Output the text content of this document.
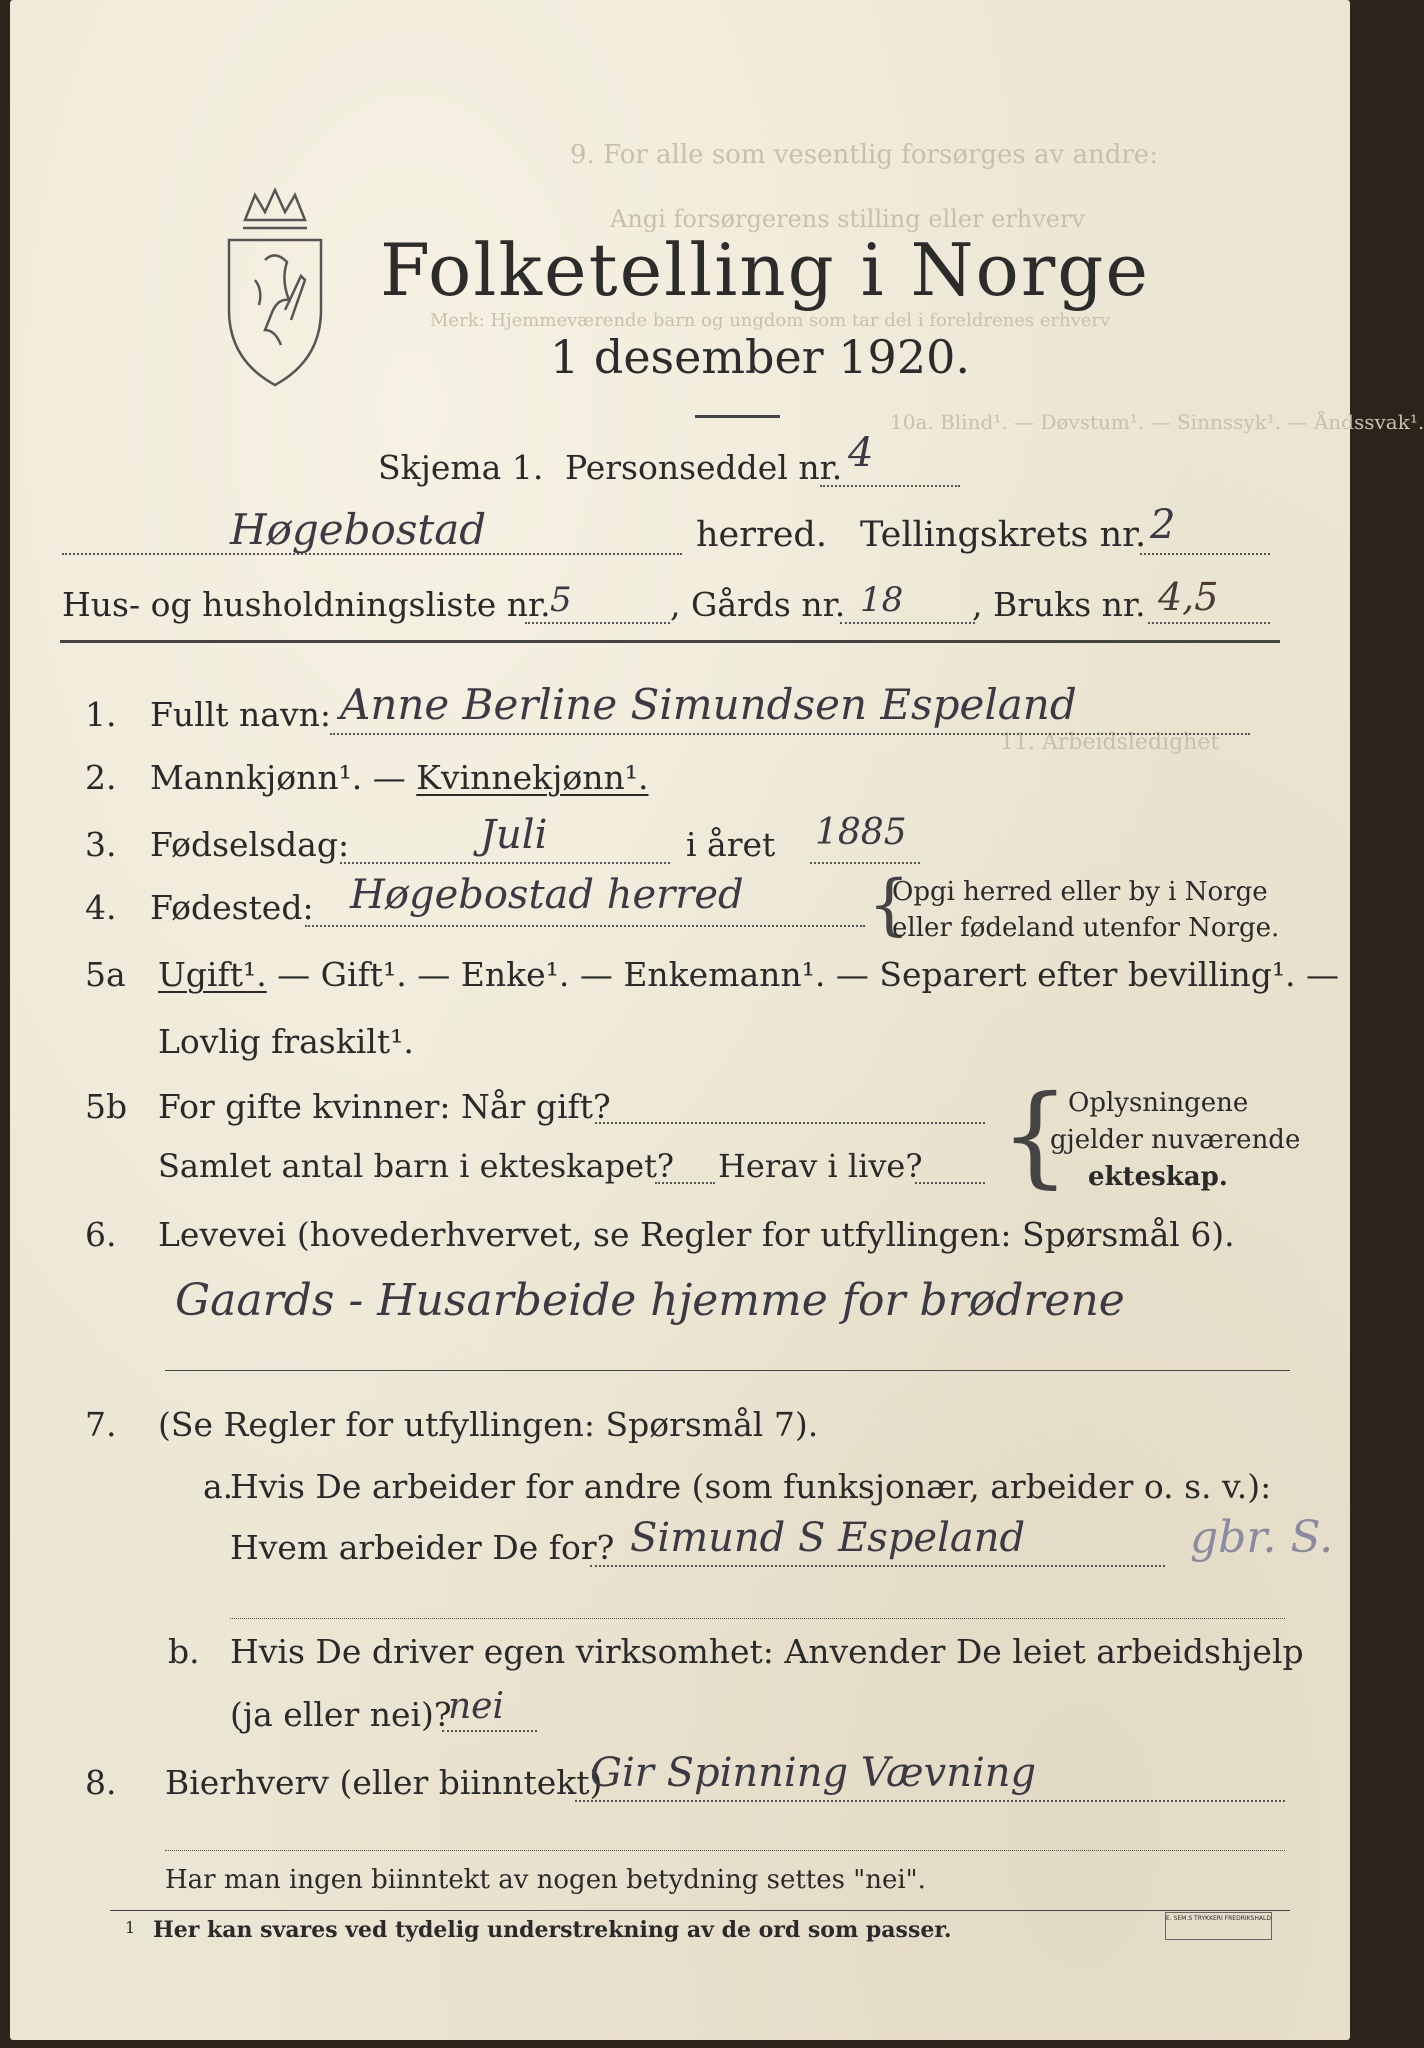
9. For alle som vesentlig forsørges av andre:
Angi forsørgerens stilling eller erhverv
Merk: Hjemmeværende barn og ungdom som tar del i foreldrenes erhverv
10a. Blind¹. — Døvstum¹. — Sinnssyk¹. — Åndssvak¹.
11. Arbeidsledighet
Folketelling i Norge
1 desember 1920.
Skjema 1. Personseddel nr. 4
Høgebostad	herred. Tellingskrets nr. 2
Hus- og husholdningsliste nr. 5	, Gårds nr. 18 , Bruks nr. 4,5
1. Fullt navn: Anne Berline Simundsen Espeland
2. Mannkjønn¹. — Kvinnekjønn¹.
3. Fødselsdag:	Juli	i året 1885
4. Fødested: Høgebostad herred {
Opgi herred eller by i Norge
eller fødeland utenfor Norge.
5a Ugift¹. — Gift¹. — Enke¹. — Enkemann¹. — Separert efter bevilling¹. —
Lovlig fraskilt¹.
5b For gifte kvinner: Når gift?
Samlet antal barn i ekteskapet? Herav i live? {
Oplysningene
gjelder nuværende
ekteskap.
6. Levevei (hovederhvervet, se Regler for utfyllingen: Spørsmål 6).
Gaards - Husarbeide hjemme for brødrene
7. (Se Regler for utfyllingen: Spørsmål 7).
a.
Hvis De arbeider for andre (som funksjonær, arbeider o. s. v.):
Hvem arbeider De for? Simund S Espeland	gbr. S.
b. Hvis De driver egen virksomhet: Anvender De leiet arbeidshjelp
(ja eller nei)?
nei
8. Bierhverv (eller biinntekt)
Gir Spinning Vævning
Har man ingen biinntekt av nogen betydning settes "nei".
1 Her kan svares ved tydelig understrekning av de ord som passer.	E. SEM.S TRYKKERI FREDRIKSHALD
